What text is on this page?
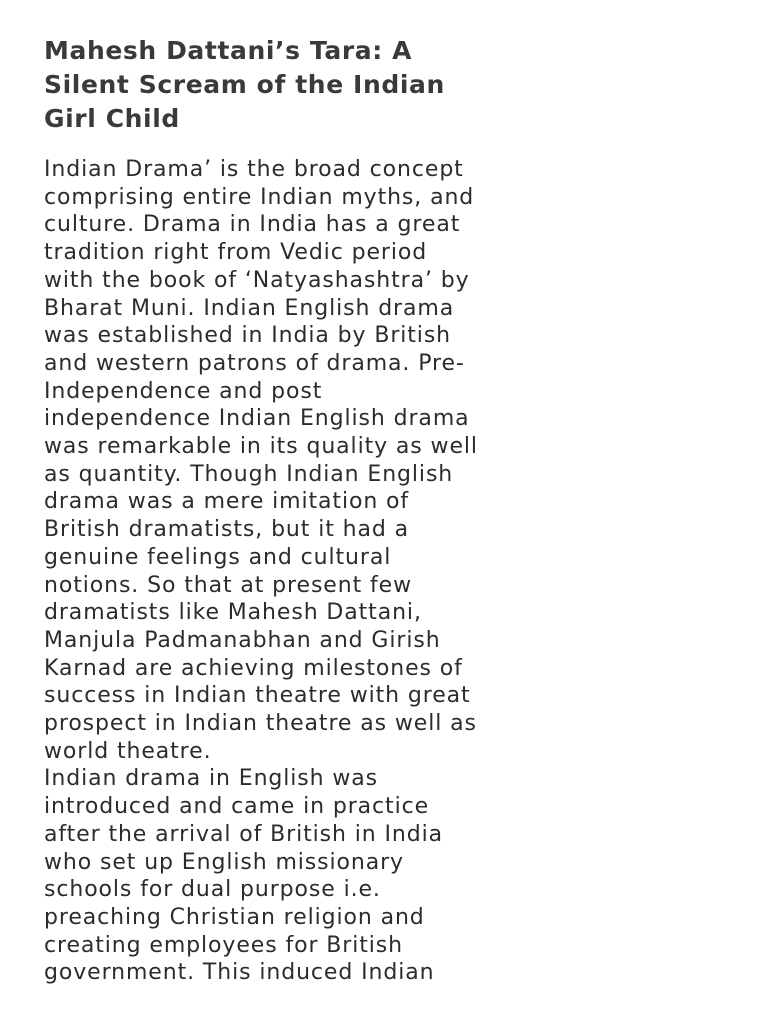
Mahesh Dattani’s Tara: A
Silent Scream of the Indian
Girl Child

Indian Drama’ is the broad concept
comprising entire Indian myths, and
culture. Drama in India has a great
tradition right from Vedic period
with the book of ‘Natyashashtra’ by
Bharat Muni. Indian English drama
was established in India by British
and western patrons of drama. Pre-
Independence and post
independence Indian English drama
was remarkable in its quality as well
as quantity. Though Indian English
drama was a mere imitation of
British dramatists, but it had a
genuine feelings and cultural
notions. So that at present few
dramatists like Mahesh Dattani,
Manjula Padmanabhan and Girish
Karnad are achieving milestones of
success in Indian theatre with great
prospect in Indian theatre as well as
world theatre.

Indian drama in English was
introduced and came in practice
after the arrival of British in India
who set up English missionary
schools for dual purpose i.e.
preaching Christian religion and
creating employees for British
government. This induced Indian
